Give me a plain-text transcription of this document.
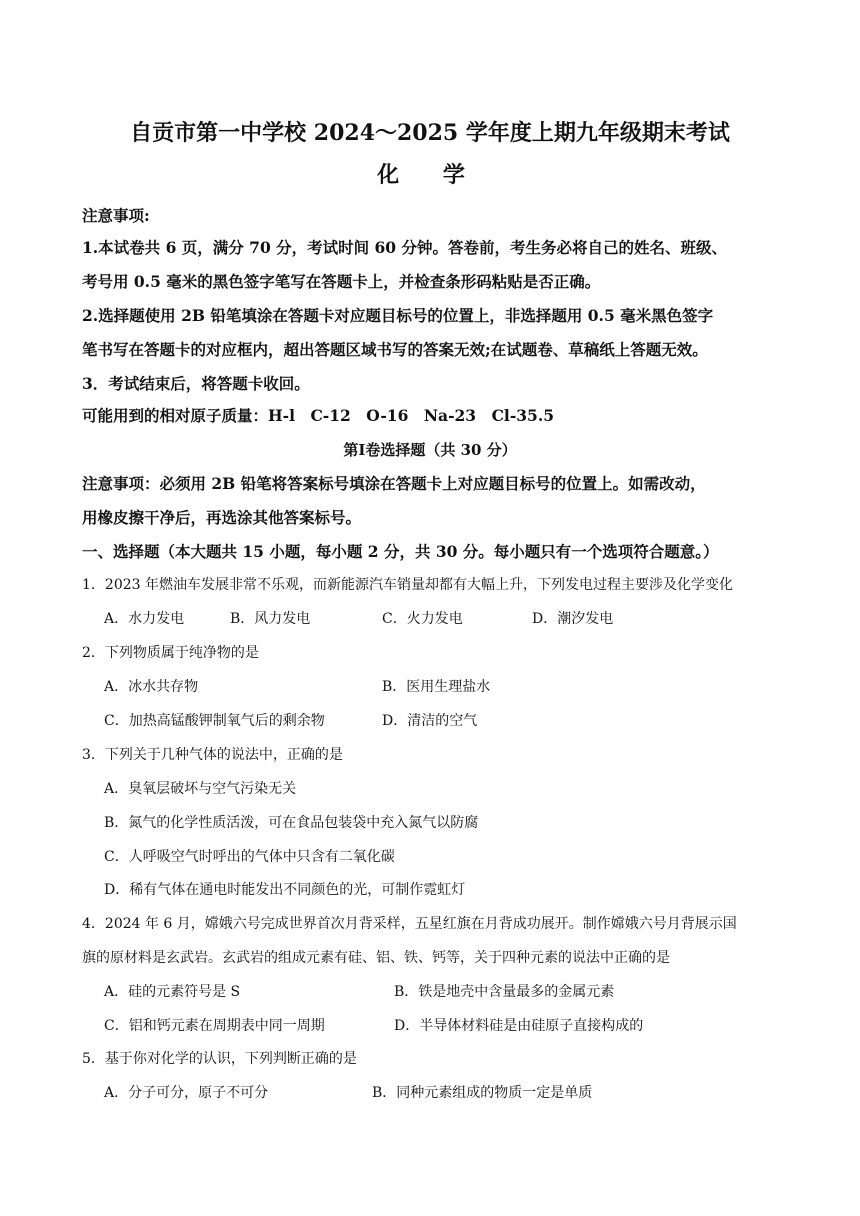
自贡市第一中学校 2024～2025 学年度上期九年级期末考试
化 学
注意事项:
1.本试卷共 6 页，满分 70 分，考试时间 60 分钟。答卷前，考生务必将自己的姓名、班级、
考号用 0.5 毫米的黑色签字笔写在答题卡上，并检查条形码粘贴是否正确。
2.选择题使用 2B 铅笔填涂在答题卡对应题目标号的位置上，非选择题用 0.5 毫米黑色签字
笔书写在答题卡的对应框内，超出答题区域书写的答案无效;在试题卷、草稿纸上答题无效。
3．考试结束后，将答题卡收回。
可能用到的相对原子质量：H-l　C-12　O-16　Na-23　Cl-35.5
第Ⅰ卷选择题（共 30 分）
注意事项：必须用 2B 铅笔将答案标号填涂在答题卡上对应题目标号的位置上。如需改动，
用橡皮擦干净后，再选涂其他答案标号。
一、选择题（本大题共 15 小题，每小题 2 分，共 30 分。每小题只有一个选项符合题意。）
1．2023 年燃油车发展非常不乐观，而新能源汽车销量却都有大幅上升，下列发电过程主要涉及化学变化
A．水力发电	B．风力发电	C．火力发电	D．潮汐发电
2．下列物质属于纯净物的是
A．冰水共存物	B．医用生理盐水
C．加热高锰酸钾制氧气后的剩余物	D．清洁的空气
3．下列关于几种气体的说法中，正确的是
A．臭氧层破坏与空气污染无关
B．氮气的化学性质活泼，可在食品包装袋中充入氮气以防腐
C．人呼吸空气时呼出的气体中只含有二氧化碳
D．稀有气体在通电时能发出不同颜色的光，可制作霓虹灯
4．2024 年 6 月，嫦娥六号完成世界首次月背采样，五星红旗在月背成功展开。制作嫦娥六号月背展示国
旗的原材料是玄武岩。玄武岩的组成元素有硅、铝、铁、钙等，关于四种元素的说法中正确的是
A．硅的元素符号是 S	B．铁是地壳中含量最多的金属元素
C．铝和钙元素在周期表中同一周期	D．半导体材料硅是由硅原子直接构成的
5．基于你对化学的认识，下列判断正确的是
A．分子可分，原子不可分	B．同种元素组成的物质一定是单质
